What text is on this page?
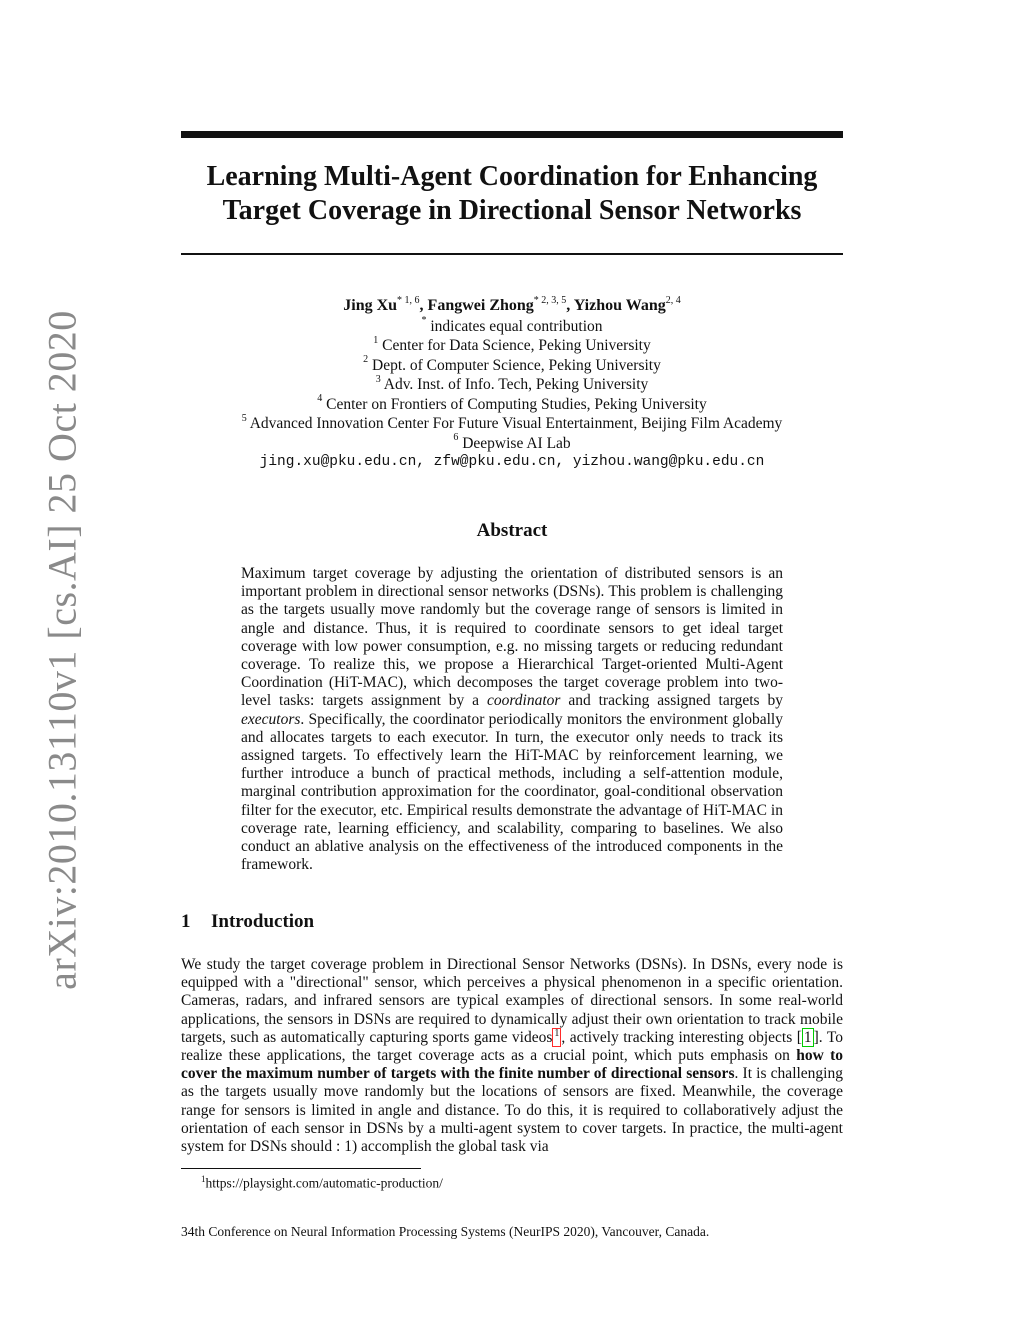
arXiv:2010.13110v1 [cs.AI] 25 Oct 2020
Learning Multi-Agent Coordination for Enhancing
Target Coverage in Directional Sensor Networks
Jing Xu$^{* 1, 6}$, Fangwei Zhong$^{* 2, 3, 5}$, Yizhou Wang$^{2, 4}$
* indicates equal contribution
$^1$ Center for Data Science, Peking University
$^2$ Dept. of Computer Science, Peking University
$^3$ Adv. Inst. of Info. Tech, Peking University
$^4$ Center on Frontiers of Computing Studies, Peking University
$^5$ Advanced Innovation Center For Future Visual Entertainment, Beijing Film Academy
$^6$ Deepwise AI Lab
jing.xu@pku.edu.cn, zfw@pku.edu.cn, yizhou.wang@pku.edu.cn
Abstract
Maximum target coverage by adjusting the orientation of distributed sensors is an important problem in directional sensor networks (DSNs). This problem is challenging as the targets usually move randomly but the coverage range of sensors is limited in angle and distance. Thus, it is required to coordinate sensors to get ideal target coverage with low power consumption, e.g. no missing targets or reducing redundant coverage. To realize this, we propose a Hierarchical Target-oriented Multi-Agent Coordination (HiT-MAC), which decomposes the target coverage problem into two-level tasks: targets assignment by a coordinator and tracking assigned targets by executors. Specifically, the coordinator periodically monitors the environment globally and allocates targets to each executor. In turn, the executor only needs to track its assigned targets. To effectively learn the HiT-MAC by reinforcement learning, we further introduce a bunch of practical methods, including a self-attention module, marginal contribution approximation for the coordinator, goal-conditional observation filter for the executor, etc. Empirical results demonstrate the advantage of HiT-MAC in coverage rate, learning efficiency, and scalability, comparing to baselines. We also conduct an ablative analysis on the effectiveness of the introduced components in the framework.
1 Introduction
We study the target coverage problem in Directional Sensor Networks (DSNs). In DSNs, every node is equipped with a "directional" sensor, which perceives a physical phenomenon in a specific orientation. Cameras, radars, and infrared sensors are typical examples of directional sensors. In some real-world applications, the sensors in DSNs are required to dynamically adjust their own orientation to track mobile targets, such as automatically capturing sports game videos $^1$ , actively tracking interesting objects [ 1 ]. To realize these applications, the target coverage acts as a crucial point, which puts emphasis on how to cover the maximum number of targets with the finite number of directional sensors. It is challenging as the targets usually move randomly but the locations of sensors are fixed. Meanwhile, the coverage range for sensors is limited in angle and distance. To do this, it is required to collaboratively adjust the orientation of each sensor in DSNs by a multi-agent system to cover targets. In practice, the multi-agent system for DSNs should : 1) accomplish the global task via
$^1$https://playsight.com/automatic-production/
34th Conference on Neural Information Processing Systems (NeurIPS 2020), Vancouver, Canada.
